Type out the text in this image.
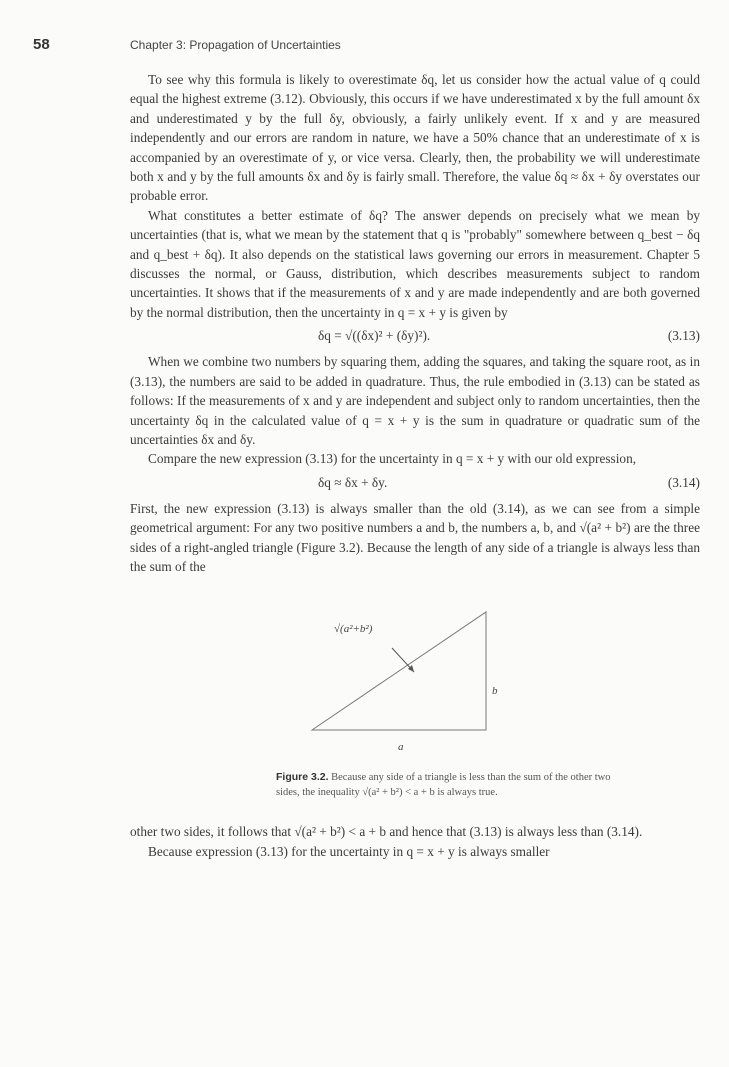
58	Chapter 3: Propagation of Uncertainties

To see why this formula is likely to overestimate δq, let us consider how the actual value of q could equal the highest extreme (3.12). Obviously, this occurs if we have underestimated x by the full amount δx and underestimated y by the full δy, obviously, a fairly unlikely event. If x and y are measured independently and our errors are random in nature, we have a 50% chance that an underestimate of x is accompanied by an overestimate of y, or vice versa. Clearly, then, the probability we will underestimate both x and y by the full amounts δx and δy is fairly small. Therefore, the value δq ≈ δx + δy overstates our probable error.

What constitutes a better estimate of δq? The answer depends on precisely what we mean by uncertainties (that is, what we mean by the statement that q is "probably" somewhere between q_best − δq and q_best + δq). It also depends on the statistical laws governing our errors in measurement. Chapter 5 discusses the normal, or Gauss, distribution, which describes measurements subject to random uncertainties. It shows that if the measurements of x and y are made independently and are both governed by the normal distribution, then the uncertainty in q = x + y is given by

δq = √((δx)² + (δy)²).	(3.13)

When we combine two numbers by squaring them, adding the squares, and taking the square root, as in (3.13), the numbers are said to be added in quadrature. Thus, the rule embodied in (3.13) can be stated as follows: If the measurements of x and y are independent and subject only to random uncertainties, then the uncertainty δq in the calculated value of q = x + y is the sum in quadrature or quadratic sum of the uncertainties δx and δy.

Compare the new expression (3.13) for the uncertainty in q = x + y with our old expression,

δq ≈ δx + δy.	(3.14)

First, the new expression (3.13) is always smaller than the old (3.14), as we can see from a simple geometrical argument: For any two positive numbers a and b, the numbers a, b, and √(a² + b²) are the three sides of a right-angled triangle (Figure 3.2). Because the length of any side of a triangle is always less than the sum of the

√(a²+b²)
b
a
Figure 3.2. Because any side of a triangle is less than the sum of the other two sides, the inequality √(a² + b²) < a + b is always true.

other two sides, it follows that √(a² + b²) < a + b and hence that (3.13) is always less than (3.14).

Because expression (3.13) for the uncertainty in q = x + y is always smaller
